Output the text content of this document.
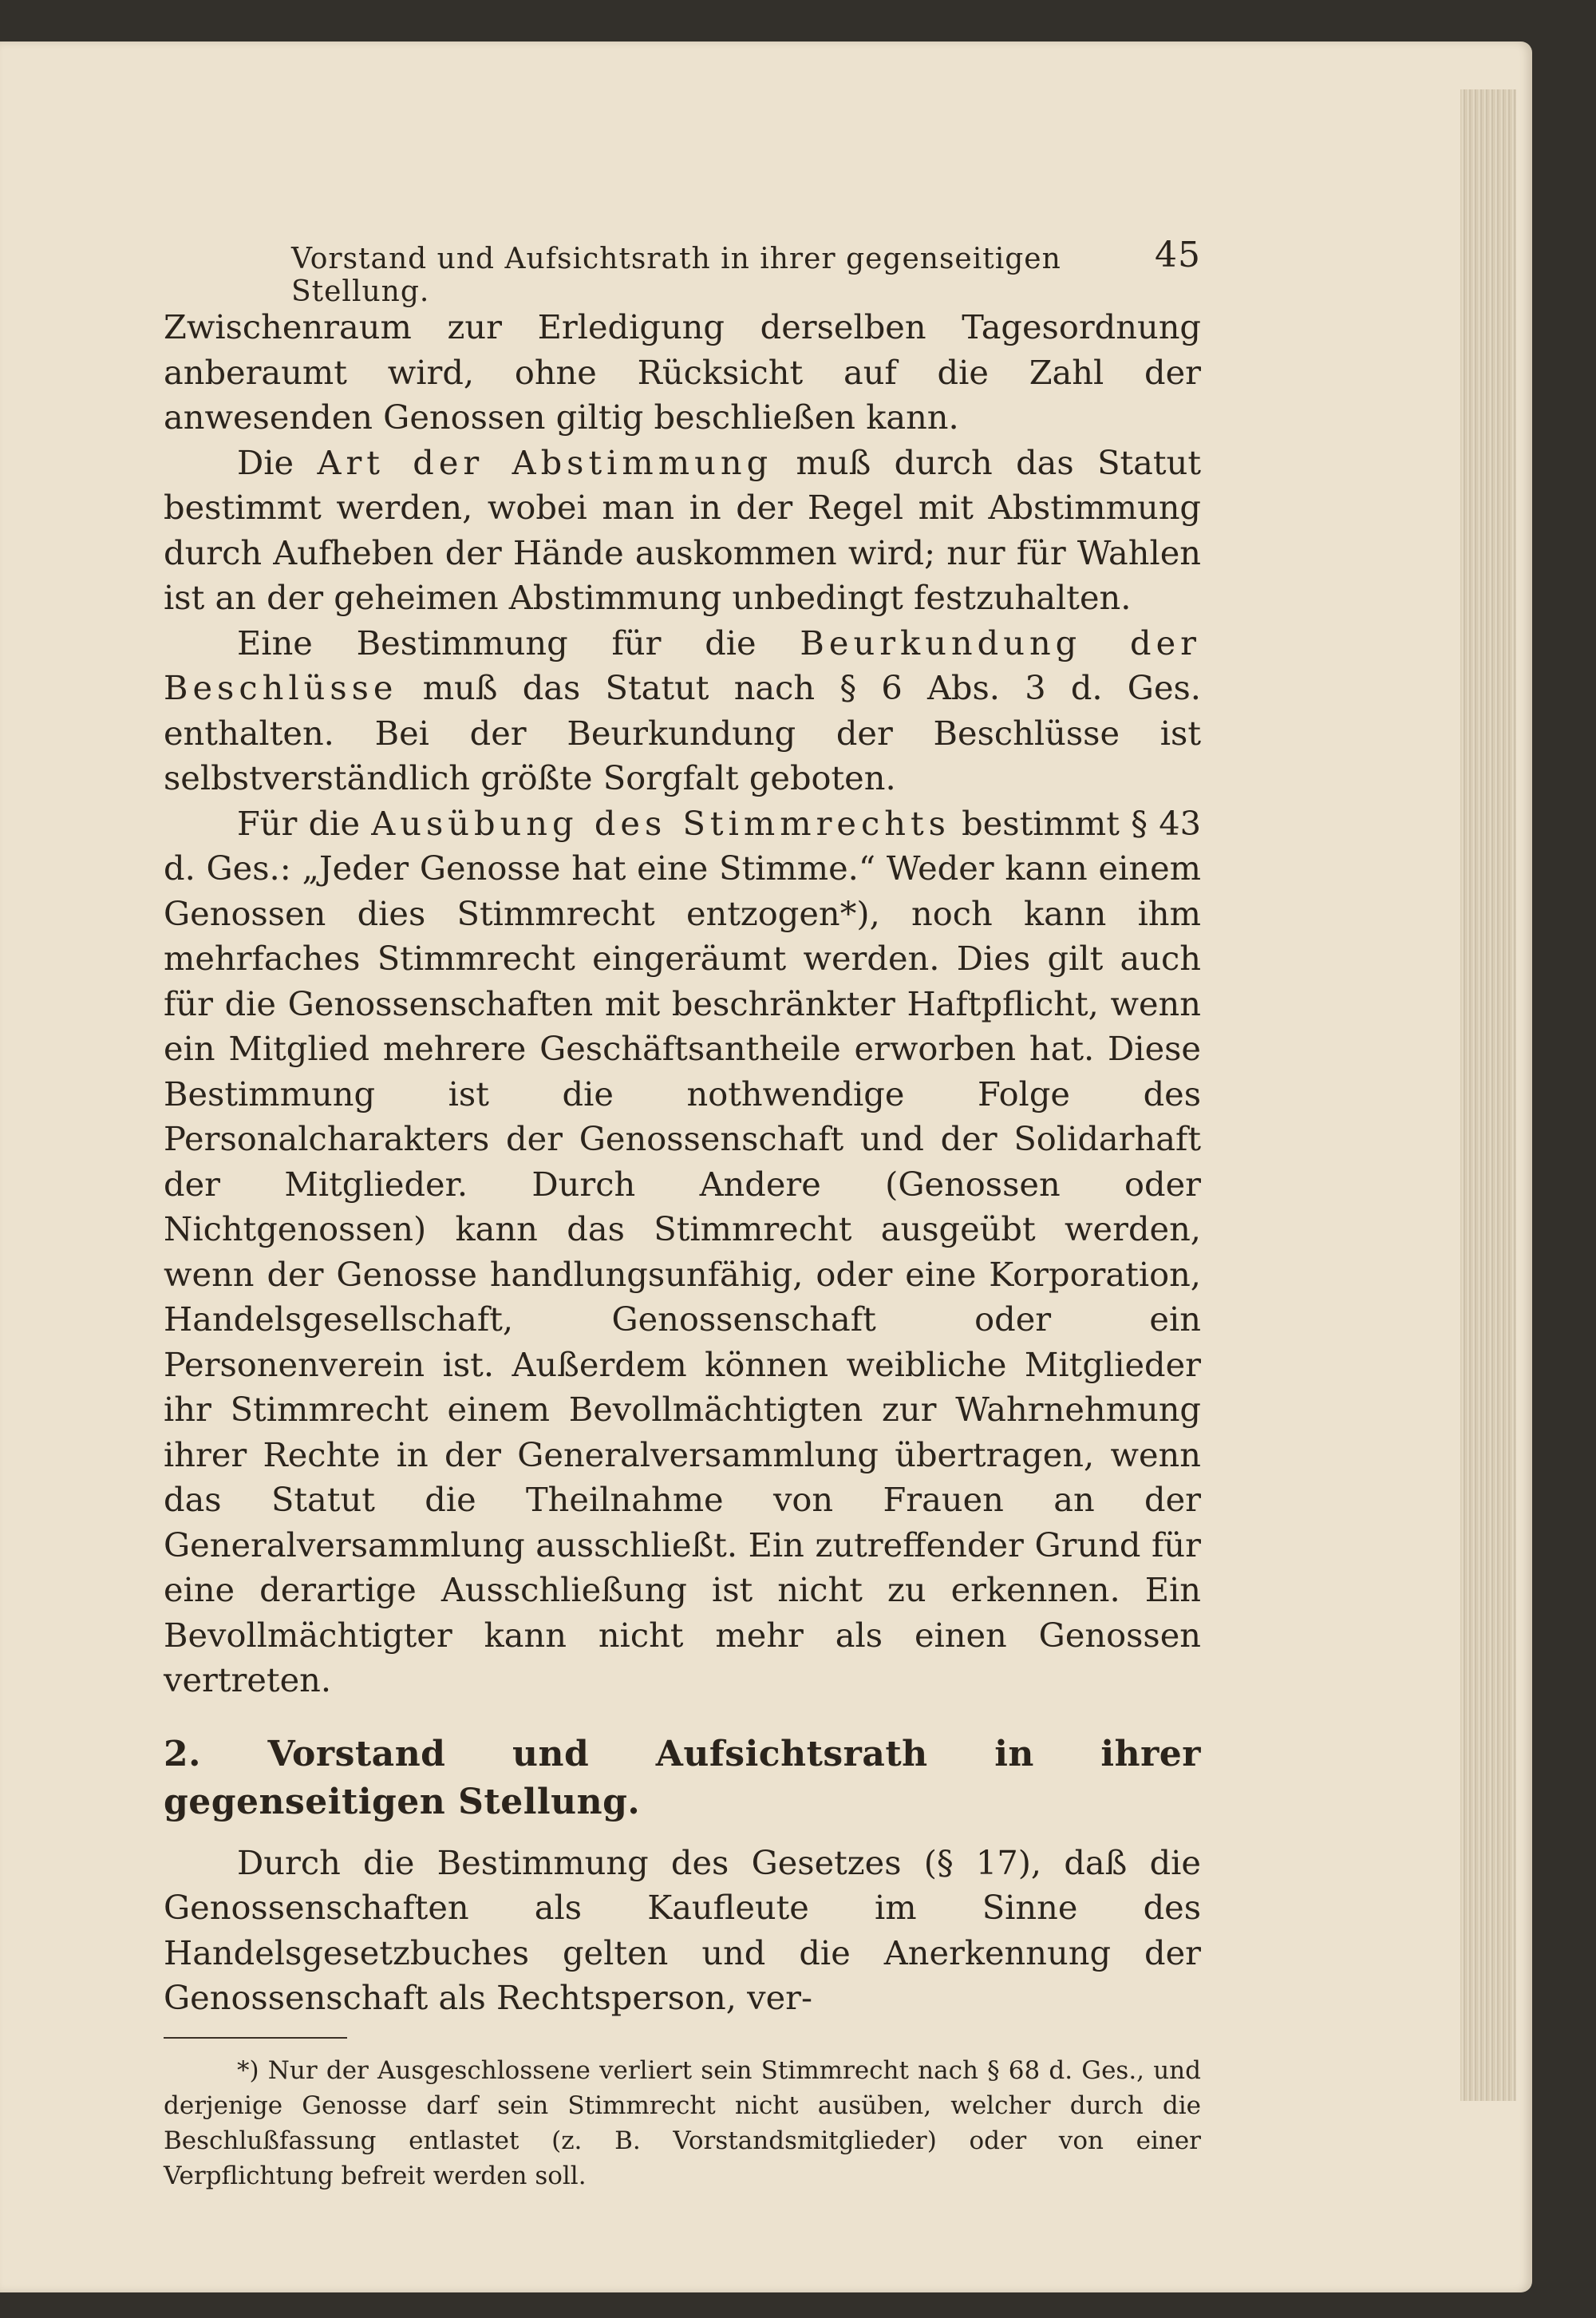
Vorstand und Aufsichtsrath in ihrer gegenseitigen Stellung.
45

Zwischenraum zur Erledigung derselben Tagesordnung anberaumt wird, ohne Rücksicht auf die Zahl der anwesenden Genossen giltig beschließen kann.

Die Art der Abstimmung muß durch das Statut bestimmt werden, wobei man in der Regel mit Abstimmung durch Aufheben der Hände auskommen wird; nur für Wahlen ist an der geheimen Abstimmung unbedingt festzuhalten.

Eine Bestimmung für die Beurkundung der Beschlüsse muß das Statut nach § 6 Abs. 3 d. Ges. enthalten. Bei der Beurkundung der Beschlüsse ist selbstverständlich größte Sorgfalt geboten.

Für die Ausübung des Stimmrechts bestimmt § 43 d. Ges.: „Jeder Genosse hat eine Stimme.“ Weder kann einem Genossen dies Stimmrecht entzogen*), noch kann ihm mehrfaches Stimmrecht eingeräumt werden. Dies gilt auch für die Genossenschaften mit beschränkter Haftpflicht, wenn ein Mitglied mehrere Geschäftsantheile erworben hat. Diese Bestimmung ist die nothwendige Folge des Personalcharakters der Genossenschaft und der Solidarhaft der Mitglieder. Durch Andere (Genossen oder Nichtgenossen) kann das Stimmrecht ausgeübt werden, wenn der Genosse handlungsunfähig, oder eine Korporation, Handelsgesellschaft, Genossenschaft oder ein Personenverein ist. Außerdem können weibliche Mitglieder ihr Stimmrecht einem Bevollmächtigten zur Wahrnehmung ihrer Rechte in der Generalversammlung übertragen, wenn das Statut die Theilnahme von Frauen an der Generalversammlung ausschließt. Ein zutreffender Grund für eine derartige Ausschließung ist nicht zu erkennen. Ein Bevollmächtigter kann nicht mehr als einen Genossen vertreten.

2. Vorstand und Aufsichtsrath in ihrer gegenseitigen Stellung.

Durch die Bestimmung des Gesetzes (§ 17), daß die Genossenschaften als Kaufleute im Sinne des Handelsgesetzbuches gelten und die Anerkennung der Genossenschaft als Rechtsperson, ver-

*) Nur der Ausgeschlossene verliert sein Stimmrecht nach § 68 d. Ges., und derjenige Genosse darf sein Stimmrecht nicht ausüben, welcher durch die Beschlußfassung entlastet (z. B. Vorstandsmitglieder) oder von einer Verpflichtung befreit werden soll.
